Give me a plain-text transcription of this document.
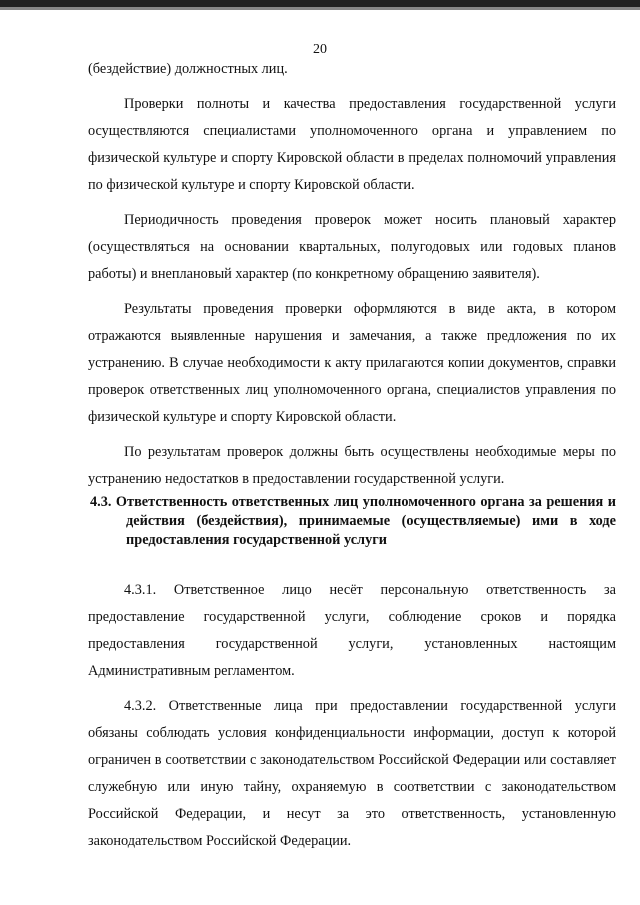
20

(бездействие) должностных лиц.

Проверки полноты и качества предоставления государственной услуги осуществляются специалистами уполномоченного органа и управлением по физической культуре и спорту Кировской области в пределах полномочий управления по физической культуре и спорту Кировской области.

Периодичность проведения проверок может носить плановый характер (осуществляться на основании квартальных, полугодовых или годовых планов работы) и внеплановый характер (по конкретному обращению заявителя).

Результаты проведения проверки оформляются в виде акта, в котором отражаются выявленные нарушения и замечания, а также предложения по их устранению. В случае необходимости к акту прилагаются копии документов, справки проверок ответственных лиц уполномоченного органа, специалистов управления по физической культуре и спорту Кировской области.

По результатам проверок должны быть осуществлены необходимые меры по устранению недостатков в предоставлении государственной услуги.

4.3. Ответственность ответственных лиц уполномоченного органа за решения и действия (бездействия), принимаемые (осуществляемые) ими в ходе предоставления государственной услуги

4.3.1. Ответственное лицо несёт персональную ответственность за предоставление государственной услуги, соблюдение сроков и порядка предоставления государственной услуги, установленных настоящим Административным регламентом.

4.3.2. Ответственные лица при предоставлении государственной услуги обязаны соблюдать условия конфиденциальности информации, доступ к которой ограничен в соответствии с законодательством Российской Федерации или составляет служебную или иную тайну, охраняемую в соответствии с законодательством Российской Федерации, и несут за это ответственность, установленную законодательством Российской Федерации.
